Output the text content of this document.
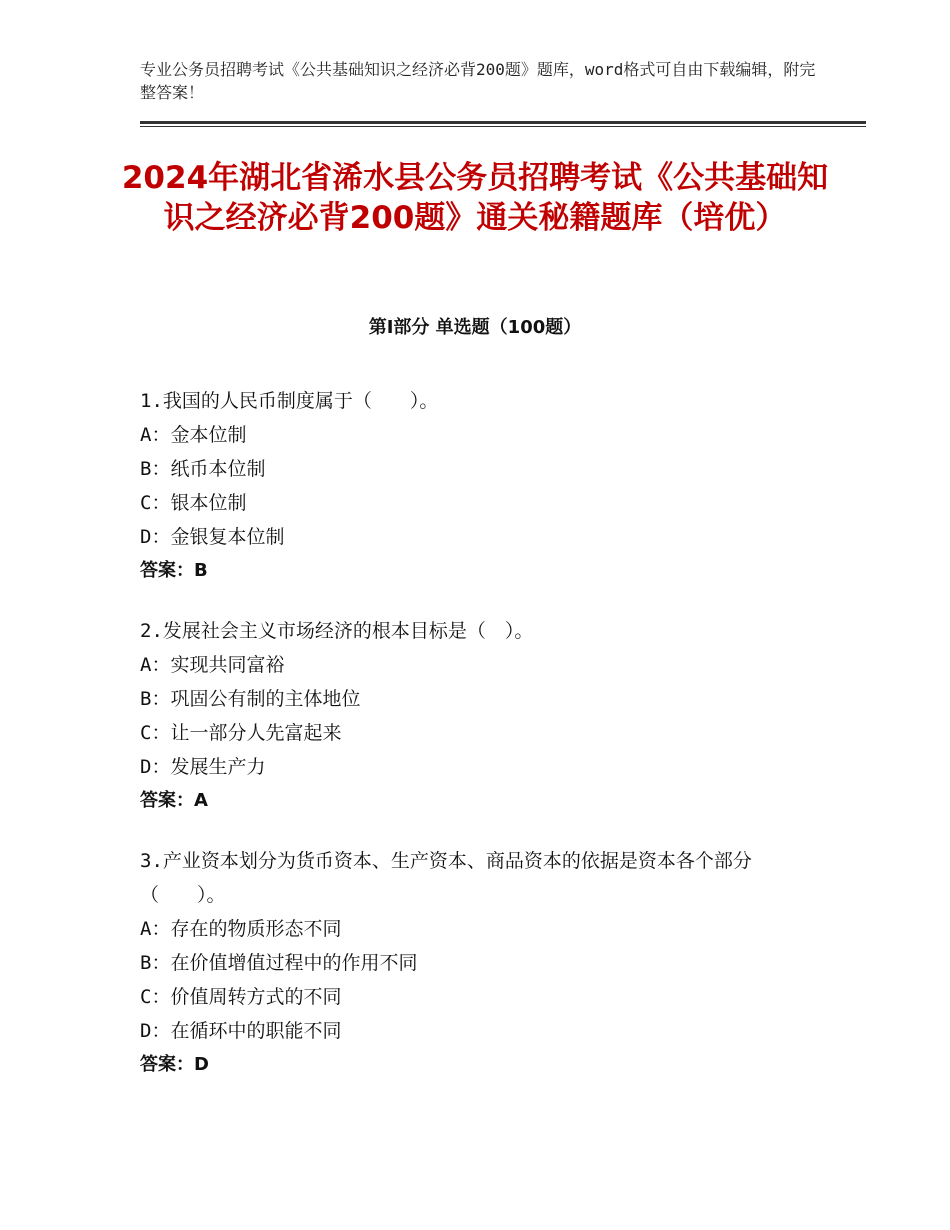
专业公务员招聘考试《公共基础知识之经济必背200题》题库，word格式可自由下载编辑，附完整答案！
2024年湖北省浠水县公务员招聘考试《公共基础知识之经济必背200题》通关秘籍题库（培优）
第Ⅰ部分 单选题（100题）
1.我国的人民币制度属于（　　）。
A：金本位制
B：纸币本位制
C：银本位制
D：金银复本位制
答案：B
2.发展社会主义市场经济的根本目标是（　）。
A：实现共同富裕
B：巩固公有制的主体地位
C：让一部分人先富起来
D：发展生产力
答案：A
3.产业资本划分为货币资本、生产资本、商品资本的依据是资本各个部分（　　）。
A：存在的物质形态不同
B：在价值增值过程中的作用不同
C：价值周转方式的不同
D：在循环中的职能不同
答案：D
